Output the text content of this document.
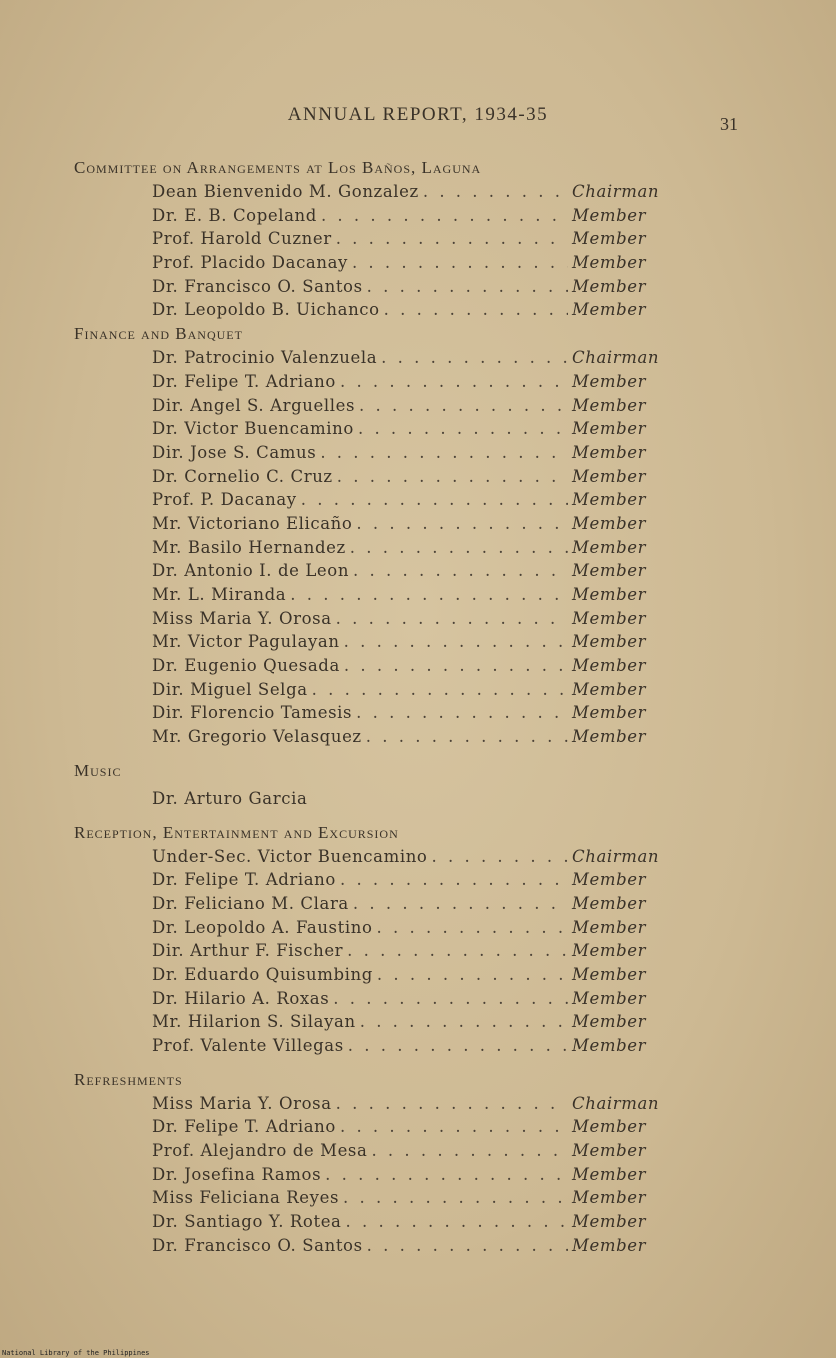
ANNUAL REPORT, 1934-35	31
Committee on Arrangements at Los Baños, Laguna
Dean Bienvenido M. Gonzalez . . .	Chairman
Dr. E. B. Copeland . . .	Member
Prof. Harold Cuzner . . .	Member
Prof. Placido Dacanay . . .	Member
Dr. Francisco O. Santos . . .	Member
Dr. Leopoldo B. Uichanco . . .	Member
Finance and Banquet
Dr. Patrocinio Valenzuela . . .	Chairman
Dr. Felipe T. Adriano . . .	Member
Dir. Angel S. Arguelles . . .	Member
Dr. Victor Buencamino . . .	Member
Dir. Jose S. Camus . . .	Member
Dr. Cornelio C. Cruz . . .	Member
Prof. P. Dacanay . . .	Member
Mr. Victoriano Elicaño . . .	Member
Mr. Basilo Hernandez . . .	Member
Dr. Antonio I. de Leon . . .	Member
Mr. L. Miranda . . .	Member
Miss Maria Y. Orosa . . .	Member
Mr. Victor Pagulayan . . .	Member
Dr. Eugenio Quesada . . .	Member
Dir. Miguel Selga . . .	Member
Dir. Florencio Tamesis . . .	Member
Mr. Gregorio Velasquez . . .	Member
Music
Dr. Arturo Garcia
Reception, Entertainment and Excursion
Under-Sec. Victor Buencamino . . .	Chairman
Dr. Felipe T. Adriano . . .	Member
Dr. Feliciano M. Clara . . .	Member
Dr. Leopoldo A. Faustino . . .	Member
Dir. Arthur F. Fischer . . .	Member
Dr. Eduardo Quisumbing . . .	Member
Dr. Hilario A. Roxas . . .	Member
Mr. Hilarion S. Silayan . . .	Member
Prof. Valente Villegas . . .	Member
Refreshments
Miss Maria Y. Orosa . . .	Chairman
Dr. Felipe T. Adriano . . .	Member
Prof. Alejandro de Mesa . . .	Member
Dr. Josefina Ramos . . .	Member
Miss Feliciana Reyes . . .	Member
Dr. Santiago Y. Rotea . . .	Member
Dr. Francisco O. Santos . . .	Member
National Library of the Philippines
